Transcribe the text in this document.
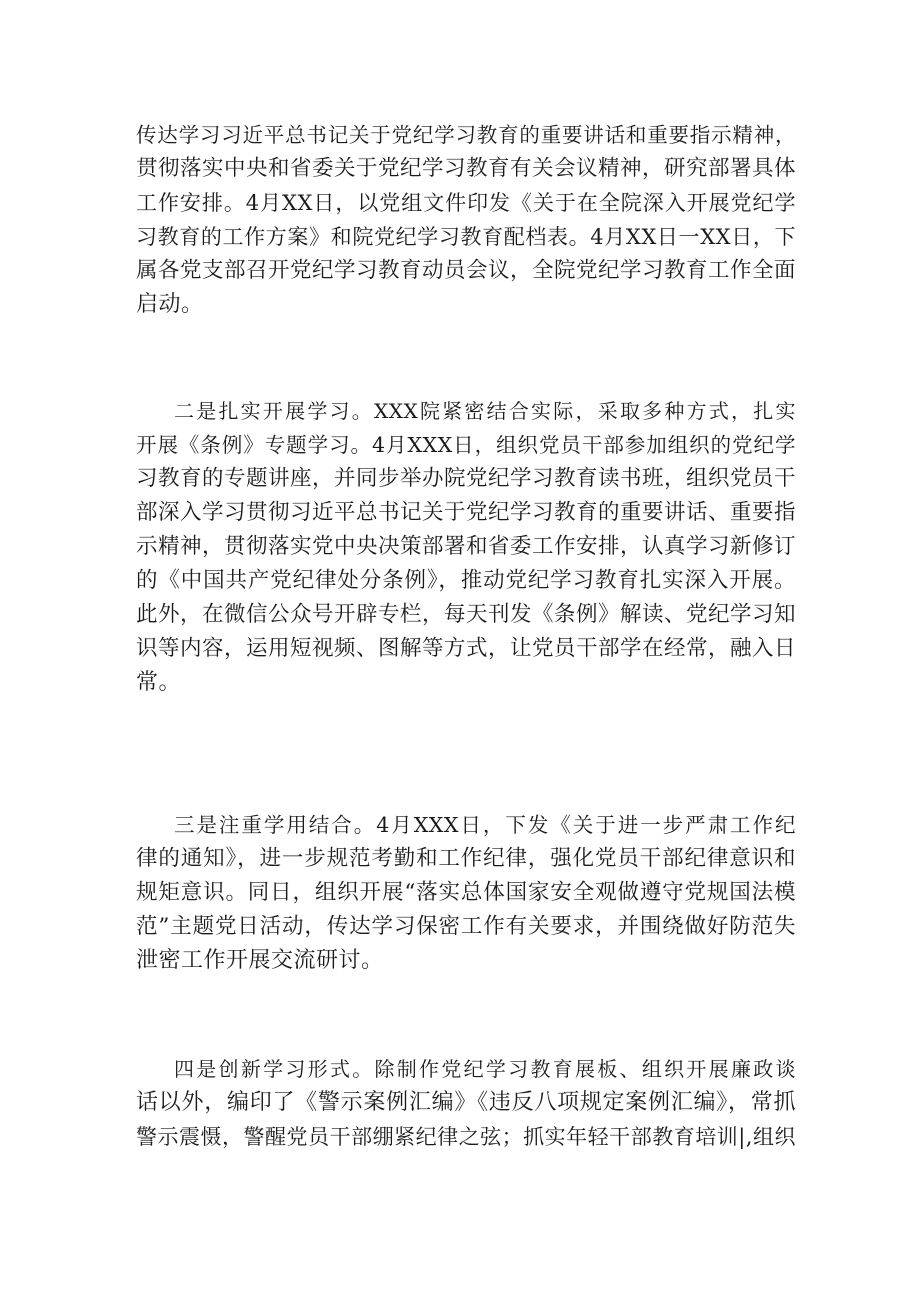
传达学习习近平总书记关于党纪学习教育的重要讲话和重要指示精神，
贯彻落实中央和省委关于党纪学习教育有关会议精神，研究部署具体
工作安排。4月XX日，以党组文件印发《关于在全院深入开展党纪学
习教育的工作方案》和院党纪学习教育配档表。4月XX日一XX日，下
属各党支部召开党纪学习教育动员会议，全院党纪学习教育工作全面
启动。
二是扎实开展学习。XXX院紧密结合实际，采取多种方式，扎实
开展《条例》专题学习。4月XXX日，组织党员干部参加组织的党纪学
习教育的专题讲座，并同步举办院党纪学习教育读书班，组织党员干
部深入学习贯彻习近平总书记关于党纪学习教育的重要讲话、重要指
示精神，贯彻落实党中央决策部署和省委工作安排，认真学习新修订
的《中国共产党纪律处分条例》，推动党纪学习教育扎实深入开展。
此外，在微信公众号开辟专栏，每天刊发《条例》解读、党纪学习知
识等内容，运用短视频、图解等方式，让党员干部学在经常，融入日
常。
三是注重学用结合。4月XXX日，下发《关于进一步严肃工作纪
律的通知》，进一步规范考勤和工作纪律，强化党员干部纪律意识和
规矩意识。同日，组织开展“落实总体国家安全观做遵守党规国法模
范”主题党日活动，传达学习保密工作有关要求，并围绕做好防范失
泄密工作开展交流研讨。
四是创新学习形式。除制作党纪学习教育展板、组织开展廉政谈
话以外，编印了《警示案例汇编》《违反八项规定案例汇编》，常抓
警示震慑，警醒党员干部绷紧纪律之弦；抓实年轻干部教育培训|,组织
